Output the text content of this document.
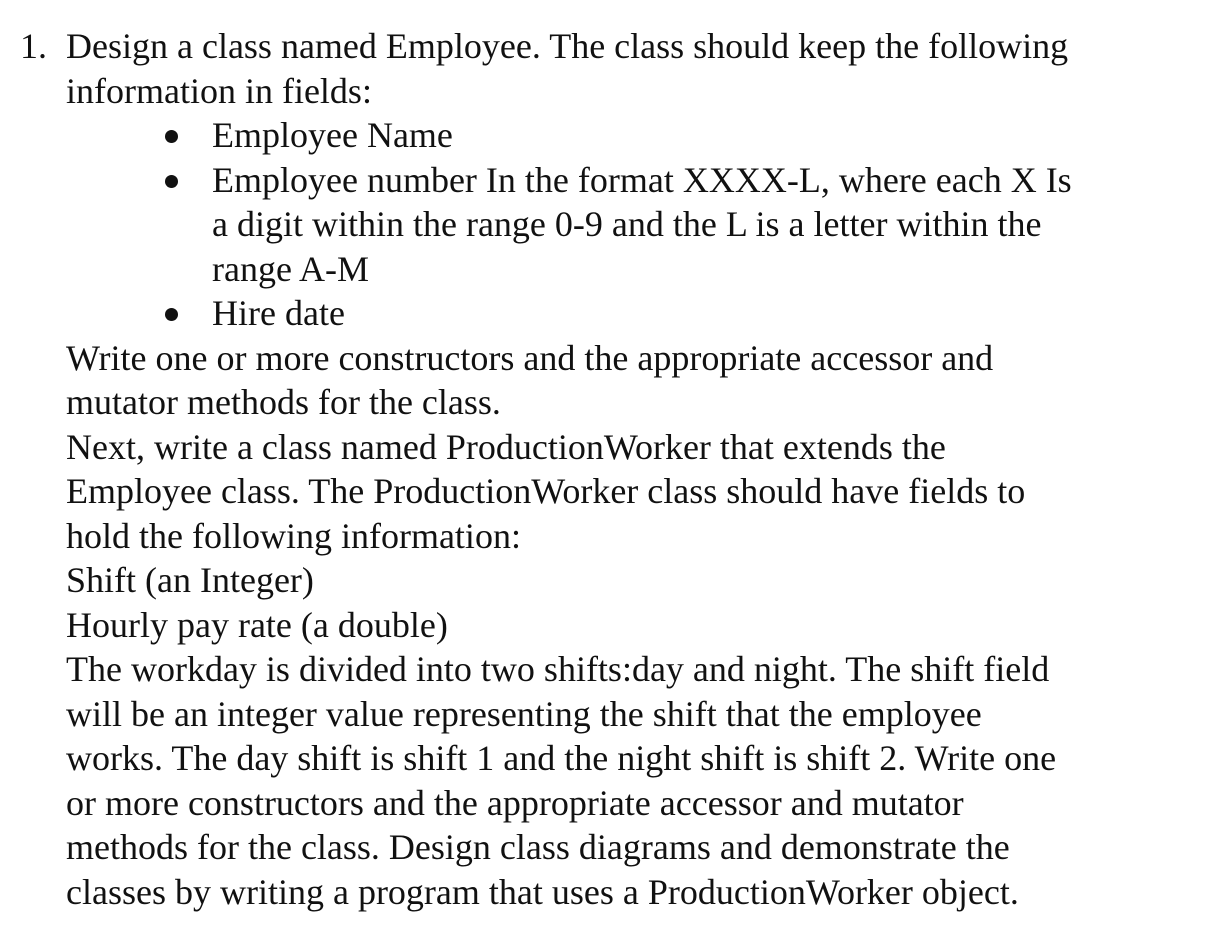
1. Design a class named Employee. The class should keep the following
information in fields:
Employee Name
Employee number In the format XXXX-L, where each X Is
a digit within the range 0-9 and the L is a letter within the
range A-M
Hire date
Write one or more constructors and the appropriate accessor and
mutator methods for the class.
Next, write a class named ProductionWorker that extends the
Employee class. The ProductionWorker class should have fields to
hold the following information:
Shift (an Integer)
Hourly pay rate (a double)
The workday is divided into two shifts:day and night. The shift field
will be an integer value representing the shift that the employee
works. The day shift is shift 1 and the night shift is shift 2. Write one
or more constructors and the appropriate accessor and mutator
methods for the class. Design class diagrams and demonstrate the
classes by writing a program that uses a ProductionWorker object.
